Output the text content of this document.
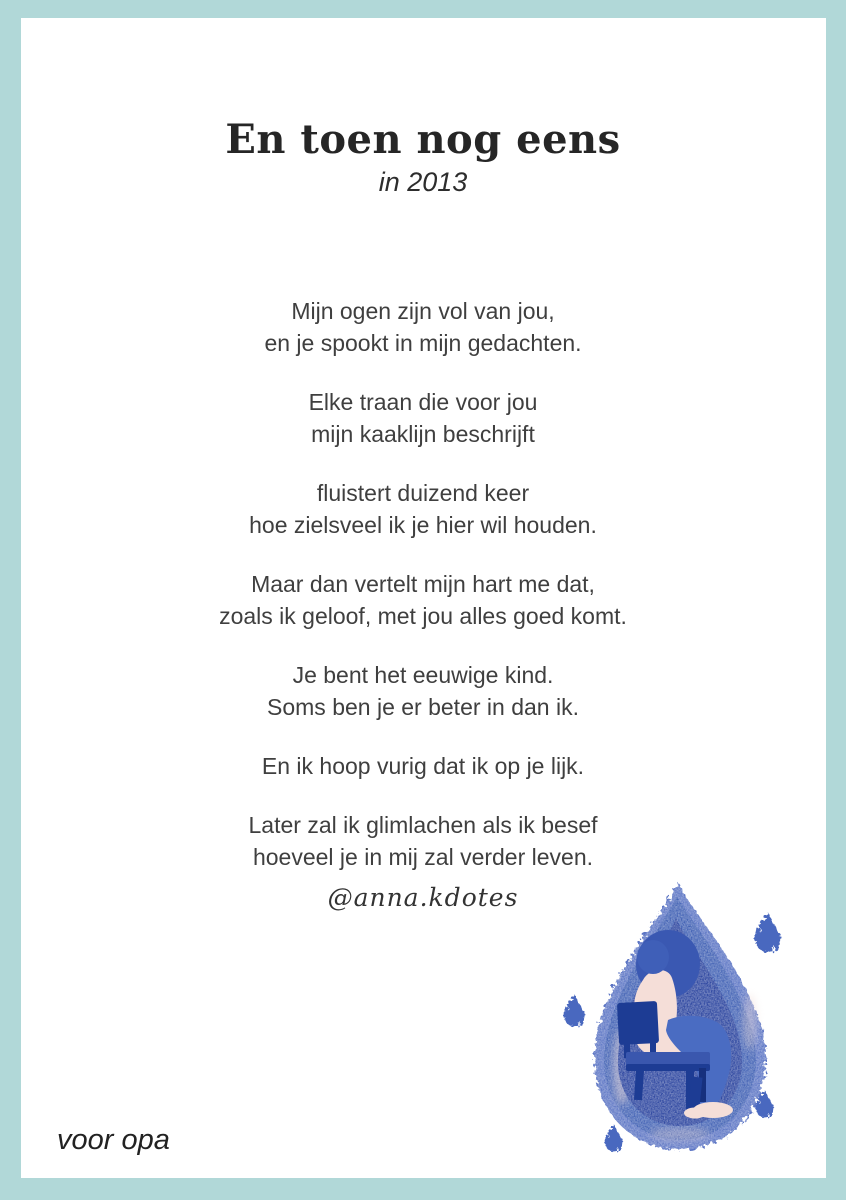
En toen nog eens
in 2013

Mijn ogen zijn vol van jou,
en je spookt in mijn gedachten.

Elke traan die voor jou
mijn kaaklijn beschrijft

fluistert duizend keer
hoe zielsveel ik je hier wil houden.

Maar dan vertelt mijn hart me dat,
zoals ik geloof, met jou alles goed komt.

Je bent het eeuwige kind.
Soms ben je er beter in dan ik.

En ik hoop vurig dat ik op je lijk.

Later zal ik glimlachen als ik besef
hoeveel je in mij zal verder leven.

@anna.kdotes
voor opa
